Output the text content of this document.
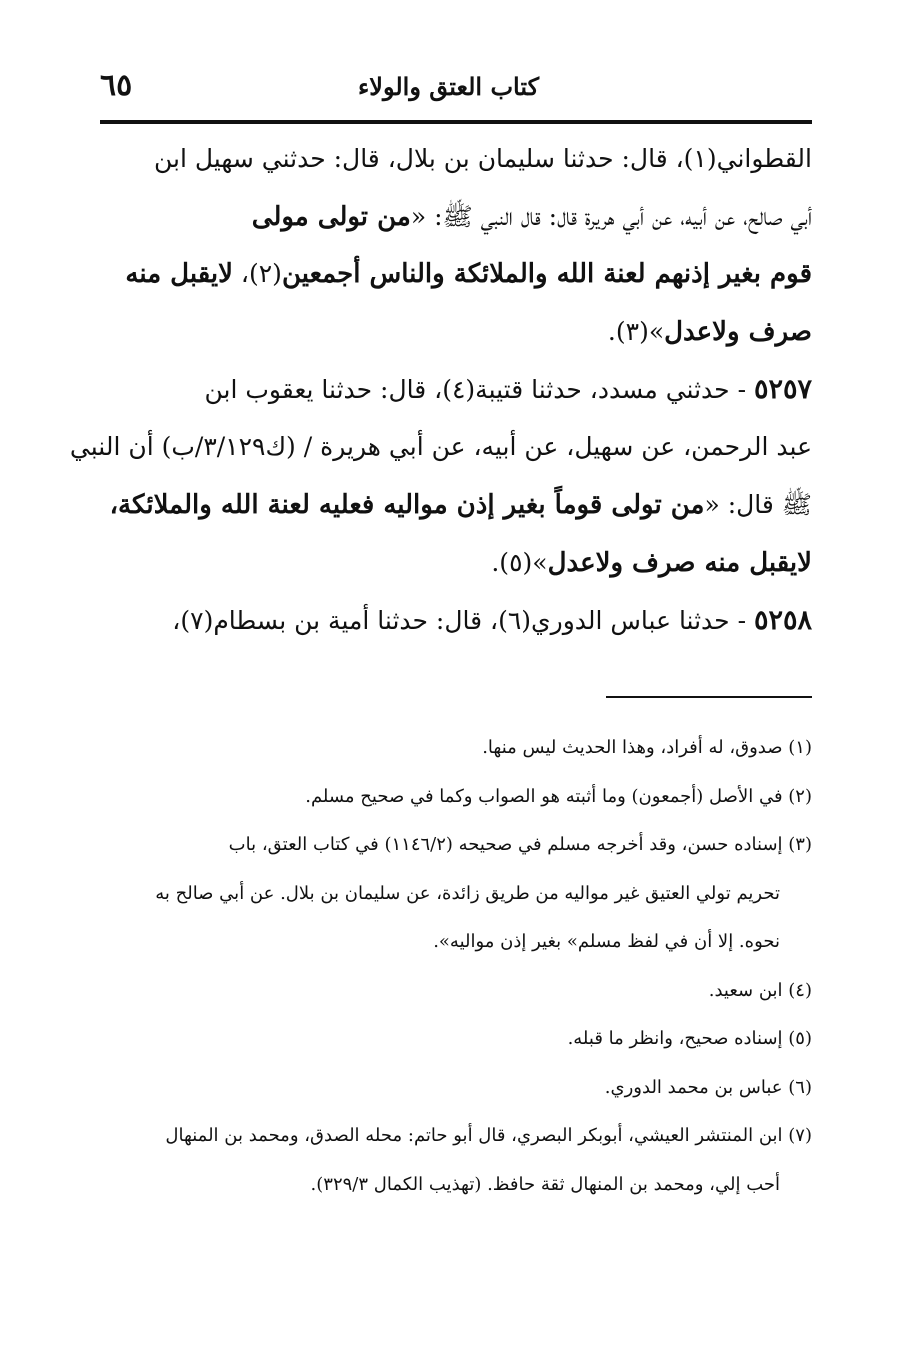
٦٥	كتاب العتق والولاء
القطواني(١)، قال: حدثنا سليمان بن بلال، قال: حدثني سهيل ابن
أبي صالح، عن أبيه، عن أبي هريرة قال: قال النبي ﷺ: «من تولى مولى
قوم بغير إذنهم لعنة الله والملائكة والناس أجمعين(٢)، لايقبل منه
صرف ولاعدل»(٣).
٥٢٥٧ - حدثني مسدد، حدثنا قتيبة(٤)، قال: حدثنا يعقوب ابن
عبد الرحمن، عن سهيل، عن أبيه، عن أبي هريرة / (ك٣/١٢٩/ب) أن النبي
ﷺ قال: «من تولى قوماً بغير إذن مواليه فعليه لعنة الله والملائكة،
لايقبل منه صرف ولاعدل»(٥).
٥٢٥٨ - حدثنا عباس الدوري(٦)، قال: حدثنا أمية بن بسطام(٧)،
(١) صدوق، له أفراد، وهذا الحديث ليس منها.
(٢) في الأصل (أجمعون) وما أثبته هو الصواب وكما في صحيح مسلم.
(٣) إسناده حسن، وقد أخرجه مسلم في صحيحه (١١٤٦/٢) في كتاب العتق، باب
تحريم تولي العتيق غير مواليه من طريق زائدة، عن سليمان بن بلال. عن أبي صالح به
نحوه. إلا أن في لفظ مسلم» بغير إذن مواليه».
(٤) ابن سعيد.
(٥) إسناده صحيح، وانظر ما قبله.
(٦) عباس بن محمد الدوري.
(٧) ابن المنتشر العيشي، أبوبكر البصري، قال أبو حاتم: محله الصدق، ومحمد بن المنهال
أحب إلي، ومحمد بن المنهال ثقة حافظ. (تهذيب الكمال ٣٢٩/٣).
